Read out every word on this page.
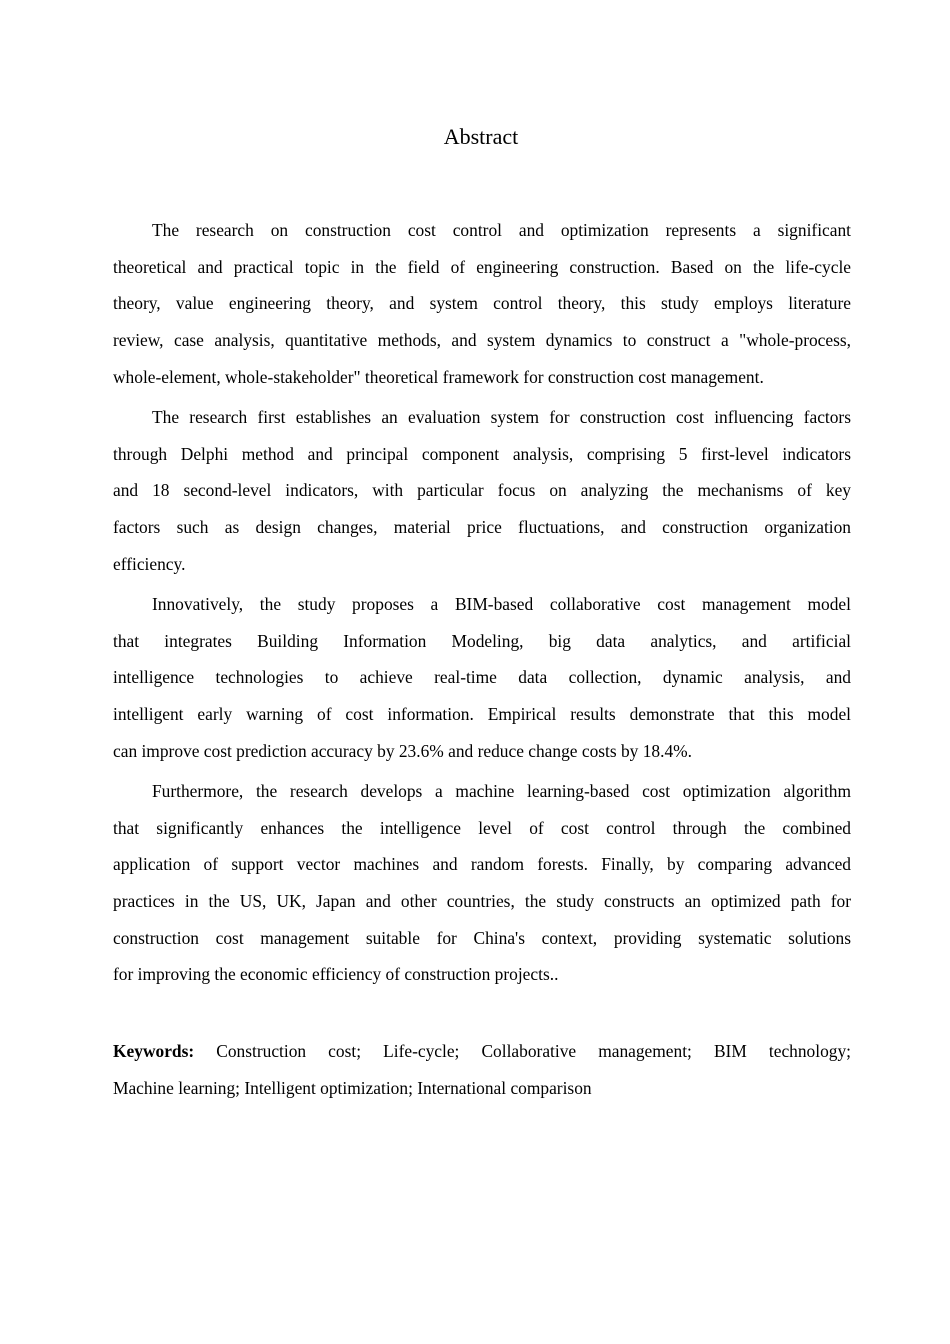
Abstract
The research on construction cost control and optimization represents a significant
theoretical and practical topic in the field of engineering construction. Based on the life-cycle
theory, value engineering theory, and system control theory, this study employs literature
review, case analysis, quantitative methods, and system dynamics to construct a "whole-process,
whole-element, whole-stakeholder" theoretical framework for construction cost management.
The research first establishes an evaluation system for construction cost influencing factors
through Delphi method and principal component analysis, comprising 5 first-level indicators
and 18 second-level indicators, with particular focus on analyzing the mechanisms of key
factors such as design changes, material price fluctuations, and construction organization
efficiency.
Innovatively, the study proposes a BIM-based collaborative cost management model
that integrates Building Information Modeling, big data analytics, and artificial
intelligence technologies to achieve real-time data collection, dynamic analysis, and
intelligent early warning of cost information. Empirical results demonstrate that this model
can improve cost prediction accuracy by 23.6% and reduce change costs by 18.4%.
Furthermore, the research develops a machine learning-based cost optimization algorithm
that significantly enhances the intelligence level of cost control through the combined
application of support vector machines and random forests. Finally, by comparing advanced
practices in the US, UK, Japan and other countries, the study constructs an optimized path for
construction cost management suitable for China's context, providing systematic solutions
for improving the economic efficiency of construction projects..
Keywords: Construction cost; Life-cycle; Collaborative management; BIM technology;
Machine learning; Intelligent optimization; International comparison
